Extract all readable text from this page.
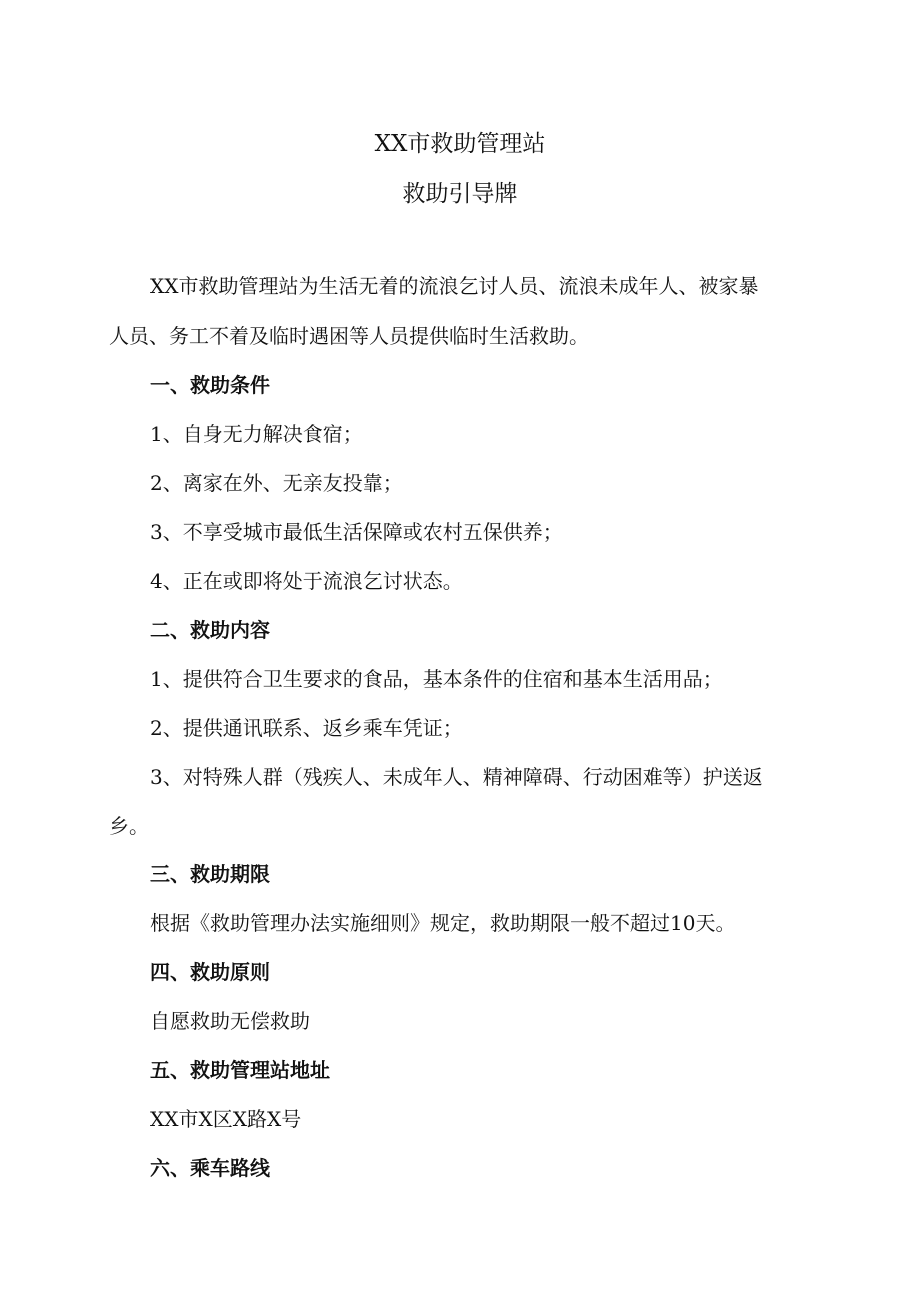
XX市救助管理站
救助引导牌
XX市救助管理站为生活无着的流浪乞讨人员、流浪未成年人、被家暴
人员、务工不着及临时遇困等人员提供临时生活救助。
一、救助条件
1、自身无力解决食宿；
2、离家在外、无亲友投靠；
3、不享受城市最低生活保障或农村五保供养；
4、正在或即将处于流浪乞讨状态。
二、救助内容
1、提供符合卫生要求的食品，基本条件的住宿和基本生活用品；
2、提供通讯联系、返乡乘车凭证；
3、对特殊人群（残疾人、未成年人、精神障碍、行动困难等）护送返
乡。
三、救助期限
根据《救助管理办法实施细则》规定，救助期限一般不超过10天。
四、救助原则
自愿救助无偿救助
五、救助管理站地址
XX市X区X路X号
六、乘车路线
